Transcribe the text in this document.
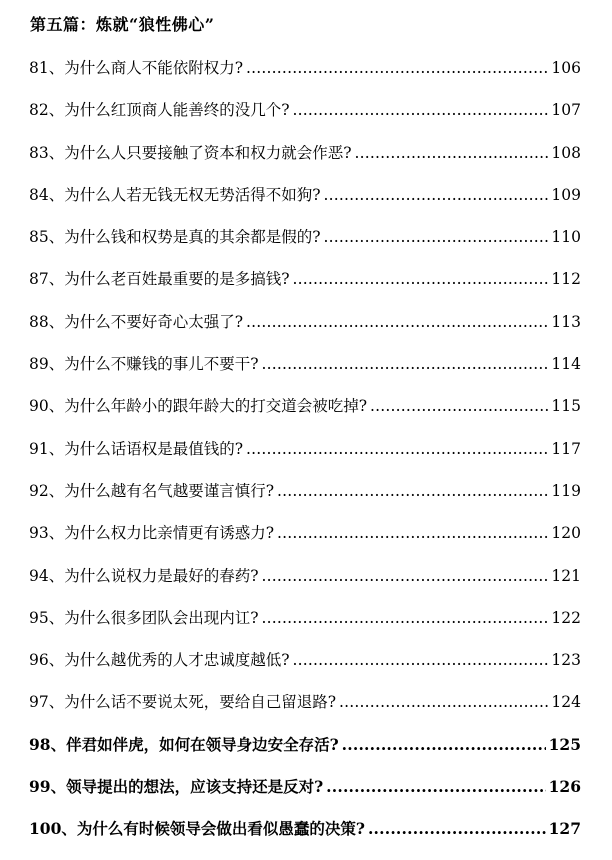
第五篇：炼就“狼性佛心”
81、为什么商人不能依附权力? .....	106
82、为什么红顶商人能善终的没几个? .....	107
83、为什么人只要接触了资本和权力就会作恶? .....	108
84、为什么人若无钱无权无势活得不如狗? .....	109
85、为什么钱和权势是真的其余都是假的? .....	110
87、为什么老百姓最重要的是多搞钱? .....	112
88、为什么不要好奇心太强了? .....	113
89、为什么不赚钱的事儿不要干? .....	114
90、为什么年龄小的跟年龄大的打交道会被吃掉? .....	115
91、为什么话语权是最值钱的? .....	117
92、为什么越有名气越要谨言慎行? .....	119
93、为什么权力比亲情更有诱惑力? .....	120
94、为什么说权力是最好的春药? .....	121
95、为什么很多团队会出现内讧? .....	122
96、为什么越优秀的人才忠诚度越低? .....	123
97、为什么话不要说太死，要给自己留退路? .....	124
98、伴君如伴虎，如何在领导身边安全存活? .....	125
99、领导提出的想法，应该支持还是反对? .....	126
100、为什么有时候领导会做出看似愚蠢的决策? .....	127
